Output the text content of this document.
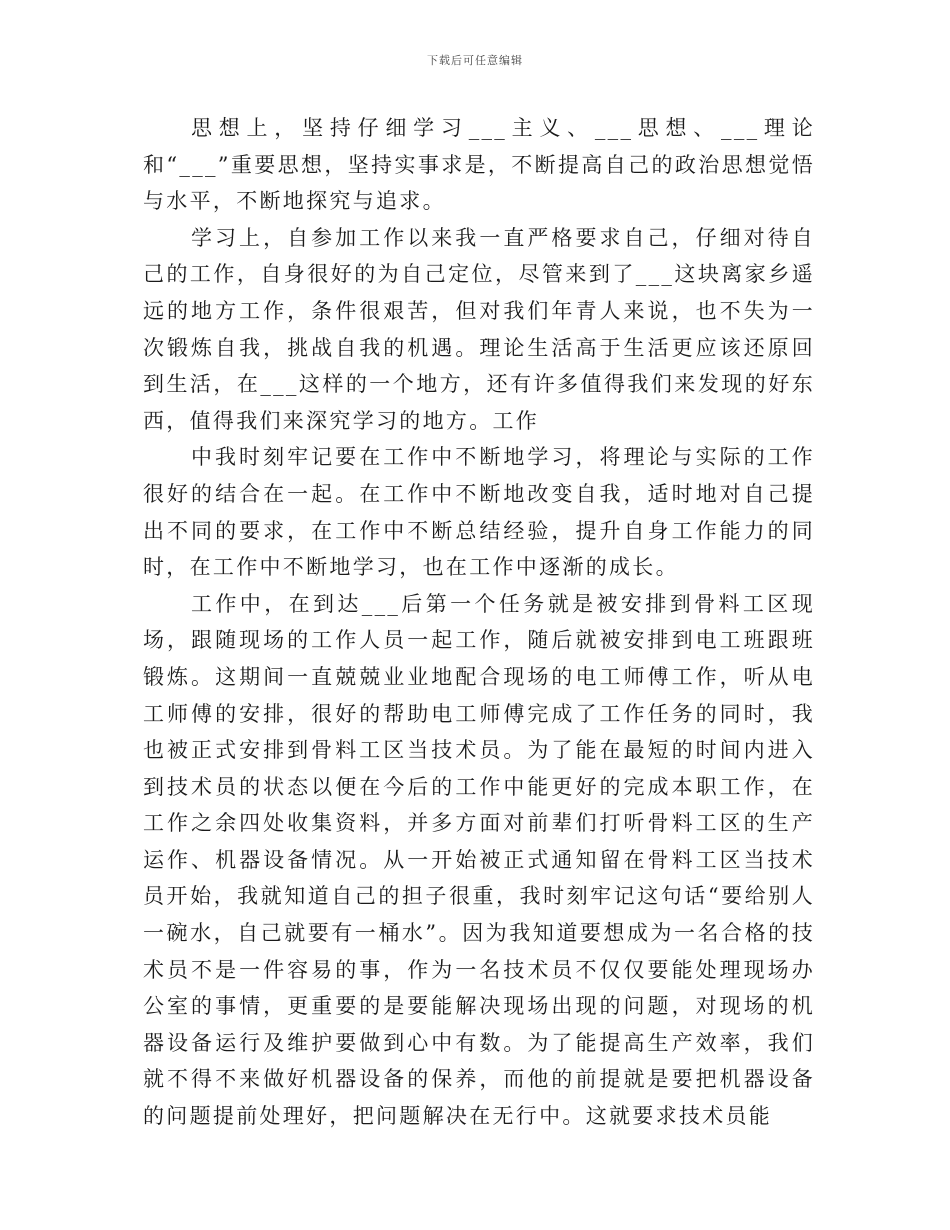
下载后可任意编辑

思想上，坚持仔细学习___主义、___思想、___理论和“___”重要思想，坚持实事求是，不断提高自己的政治思想觉悟与水平，不断地探究与追求。

学习上，自参加工作以来我一直严格要求自己，仔细对待自己的工作，自身很好的为自己定位，尽管来到了___这块离家乡遥远的地方工作，条件很艰苦，但对我们年青人来说，也不失为一次锻炼自我，挑战自我的机遇。理论生活高于生活更应该还原回到生活，在___这样的一个地方，还有许多值得我们来发现的好东西，值得我们来深究学习的地方。工作

中我时刻牢记要在工作中不断地学习，将理论与实际的工作很好的结合在一起。在工作中不断地改变自我，适时地对自己提出不同的要求，在工作中不断总结经验，提升自身工作能力的同时，在工作中不断地学习，也在工作中逐渐的成长。

工作中，在到达___后第一个任务就是被安排到骨料工区现场，跟随现场的工作人员一起工作，随后就被安排到电工班跟班锻炼。这期间一直兢兢业业地配合现场的电工师傅工作，听从电工师傅的安排，很好的帮助电工师傅完成了工作任务的同时，我也被正式安排到骨料工区当技术员。为了能在最短的时间内进入到技术员的状态以便在今后的工作中能更好的完成本职工作，在工作之余四处收集资料，并多方面对前辈们打听骨料工区的生产运作、机器设备情况。从一开始被正式通知留在骨料工区当技术员开始，我就知道自己的担子很重，我时刻牢记这句话“要给别人一碗水，自己就要有一桶水”。因为我知道要想成为一名合格的技术员不是一件容易的事，作为一名技术员不仅仅要能处理现场办公室的事情，更重要的是要能解决现场出现的问题，对现场的机器设备运行及维护要做到心中有数。为了能提高生产效率，我们就不得不来做好机器设备的保养，而他的前提就是要把机器设备的问题提前处理好，把问题解决在无行中。这就要求技术员能
